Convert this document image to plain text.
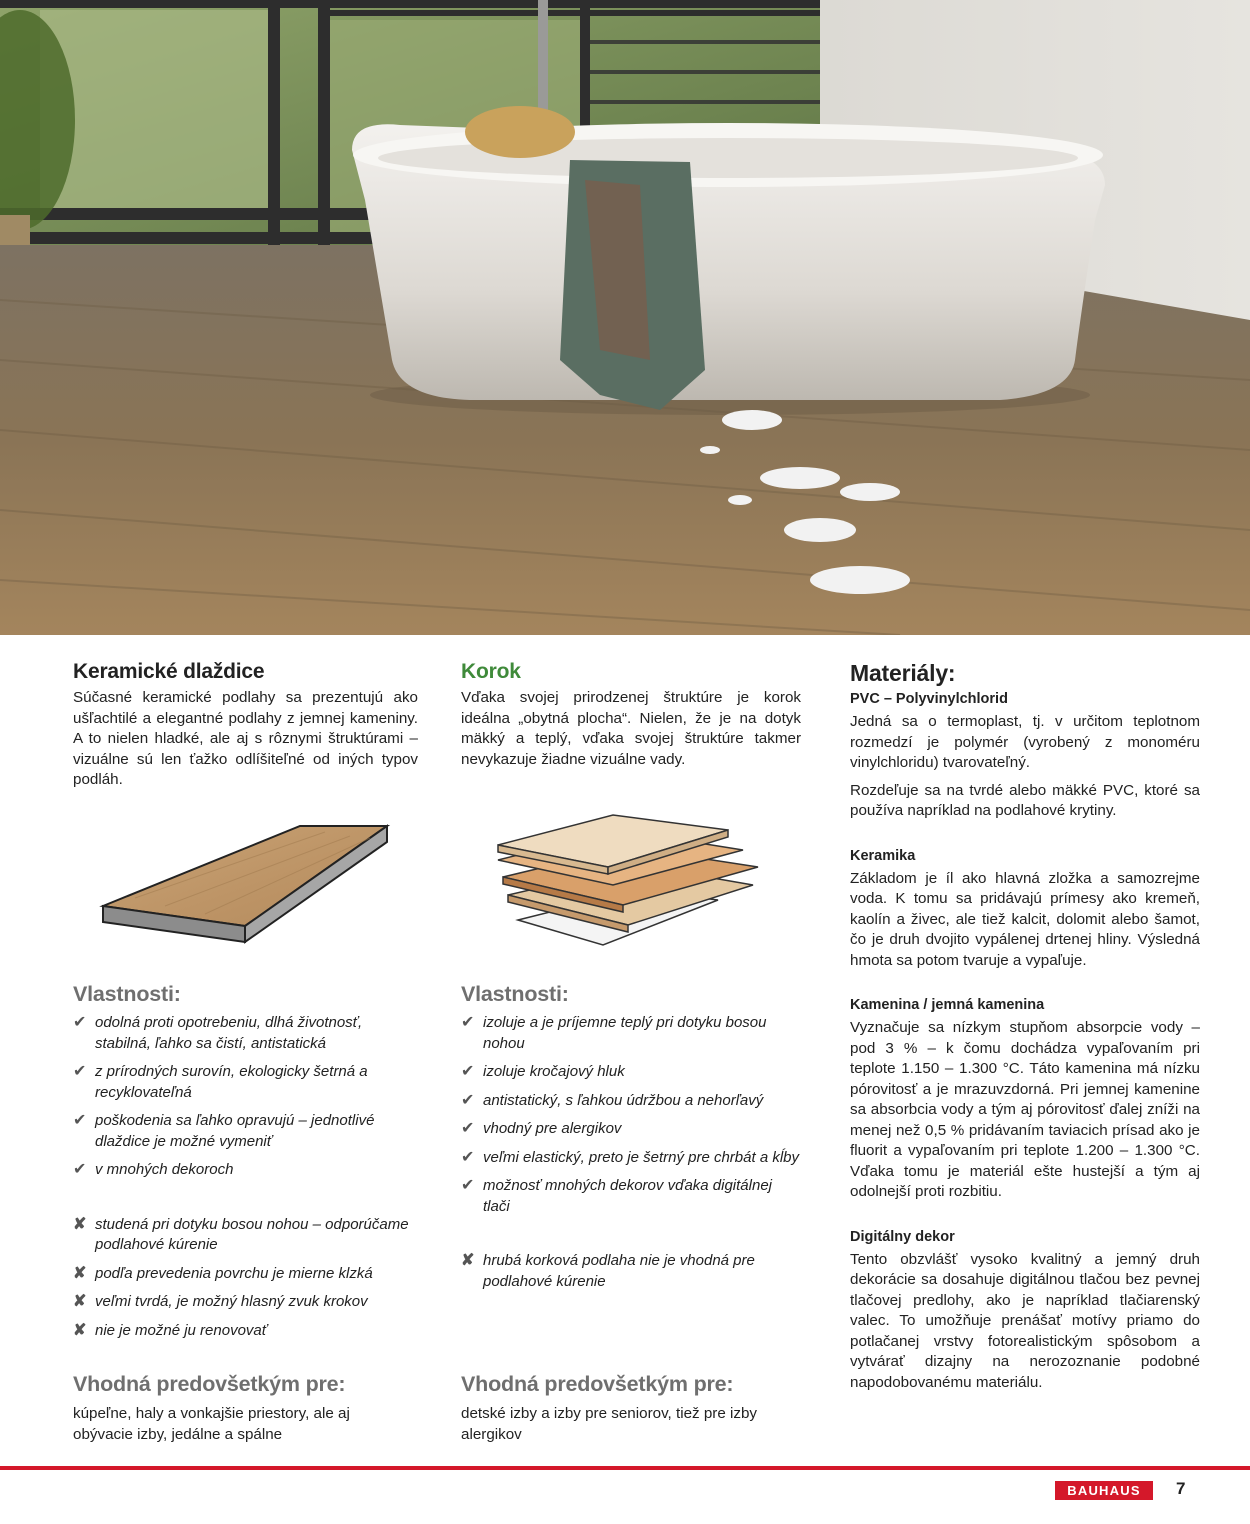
Keramické dlaždice

Súčasné keramické podlahy sa prezentujú ako ušľachtilé a elegantné podlahy z jemnej kameniny. A to nielen hladké, ale aj s rôznymi štruktúrami – vizuálne sú len ťažko odlíšiteľné od iných typov podláh.

Vlastnosti:
✔ odolná proti opotrebeniu, dlhá životnosť, stabilná, ľahko sa čistí, antistatická
✔ z prírodných surovín, ekologicky šetrná a recyklovateľná
✔ poškodenia sa ľahko opravujú – jednotlivé dlaždice je možné vymeniť
✔ v mnohých dekoroch
✘ studená pri dotyku bosou nohou – odporúčame podlahové kúrenie
✘ podľa prevedenia povrchu je mierne klzká
✘ veľmi tvrdá, je možný hlasný zvuk krokov
✘ nie je možné ju renovovať
Vhodná predovšetkým pre:

kúpeľne, haly a vonkajšie priestory, ale aj obývacie izby, jedálne a spálne

Korok

Vďaka svojej prirodzenej štruktúre je korok ideálna „obytná plocha“. Nielen, že je na dotyk mäkký a teplý, vďaka svojej štruktúre takmer nevykazuje žiadne vizuálne vady.

Vlastnosti:
✔ izoluje a je príjemne teplý pri dotyku bosou nohou
✔ izoluje kročajový hluk
✔ antistatický, s ľahkou údržbou a nehorľavý
✔ vhodný pre alergikov
✔ veľmi elastický, preto je šetrný pre chrbát a kĺby
✔ možnosť mnohých dekorov vďaka digitálnej tlači
✘ hrubá korková podlaha nie je vhodná pre podlahové kúrenie
Vhodná predovšetkým pre:

detské izby a izby pre seniorov, tiež pre izby alergikov

Materiály:
PVC – Polyvinylchlorid

Jedná sa o termoplast, tj. v určitom teplotnom rozmedzí je polymér (vyrobený z monoméru vinylchloridu) tvarovateľný.

Rozdeľuje sa na tvrdé alebo mäkké PVC, ktoré sa používa napríklad na podlahové krytiny.

Keramika

Základom je íl ako hlavná zložka a samozrejme voda. K tomu sa pridávajú prímesy ako kremeň, kaolín a živec, ale tiež kalcit, dolomit alebo šamot, čo je druh dvojito vypálenej drtenej hliny. Výsledná hmota sa potom tvaruje a vypaľuje.

Kamenina / jemná kamenina

Vyznačuje sa nízkym stupňom absorpcie vody – pod 3 % – k čomu dochádza vypaľovaním pri teplote 1.150 – 1.300 °C. Táto kamenina má nízku pórovitosť a je mrazuvzdorná. Pri jemnej kamenine sa absorbcia vody a tým aj pórovitosť ďalej zníži na menej než 0,5 % pridávaním taviacich prísad ako je fluorit a vypaľovaním pri teplote 1.200 – 1.300 °C. Vďaka tomu je materiál ešte hustejší a tým aj odolnejší proti rozbitiu.

Digitálny dekor

Tento obzvlášť vysoko kvalitný a jemný druh dekorácie sa dosahuje digitálnou tlačou bez pevnej tlačovej predlohy, ako je napríklad tlačiarenský valec. To umožňuje prenášať motívy priamo do potlačanej vrstvy fotorealistickým spôsobom a vytvárať dizajny na nerozoznanie podobné napodobovanému materiálu.

BAUHAUS	7
